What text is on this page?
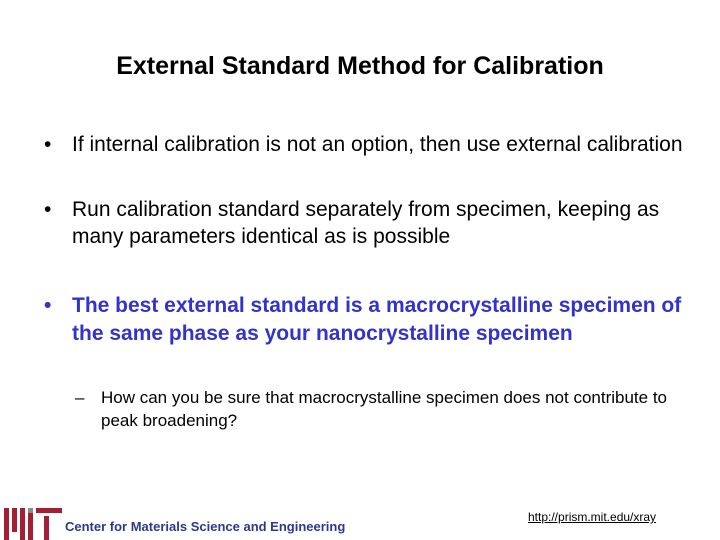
External Standard Method for Calibration
• If internal calibration is not an option, then use external calibration
• Run calibration standard separately from specimen, keeping as many parameters identical as is possible
• The best external standard is a macrocrystalline specimen of the same phase as your nanocrystalline specimen
– How can you be sure that macrocrystalline specimen does not contribute to peak broadening?
Center for Materials Science and Engineering
http://prism.mit.edu/xray
